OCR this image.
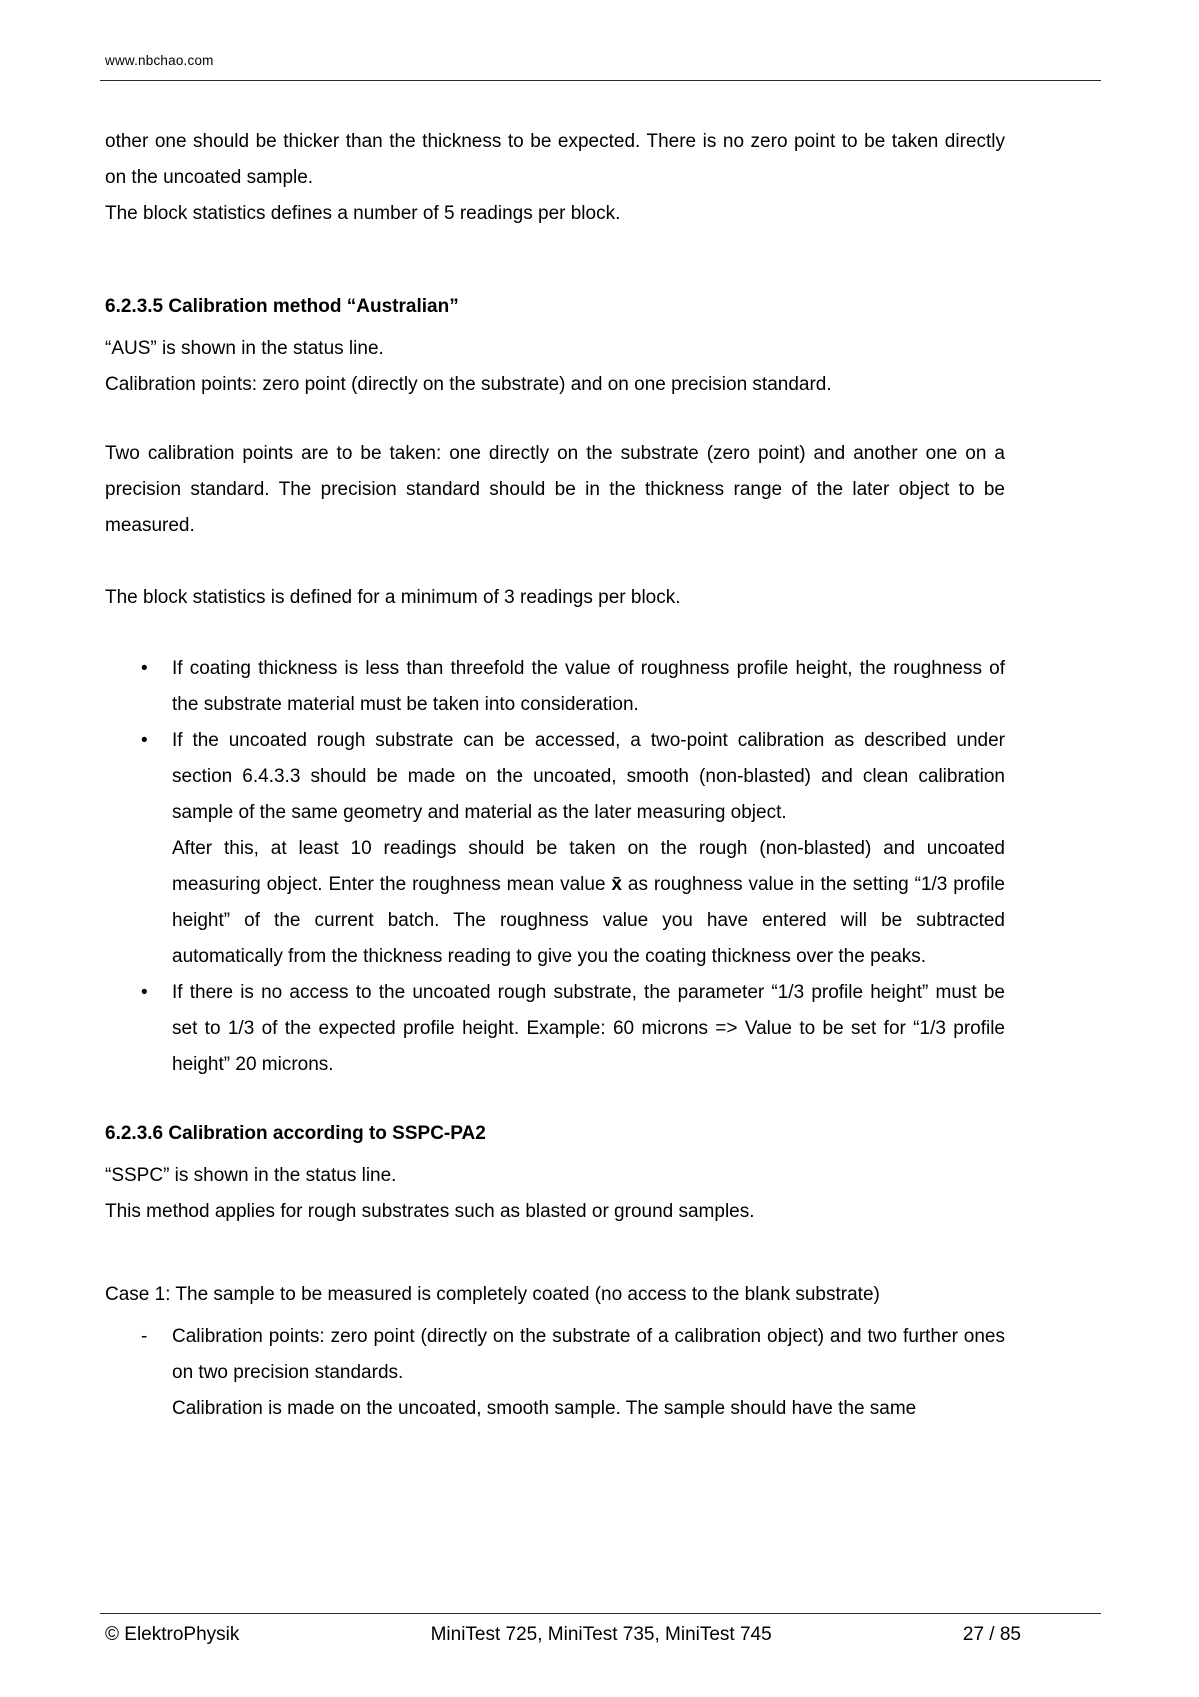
www.nbchao.com

other one should be thicker than the thickness to be expected. There is no zero point to be taken directly on the uncoated sample.

The block statistics defines a number of 5 readings per block.

6.2.3.5 Calibration method “Australian”

“AUS” is shown in the status line.

Calibration points: zero point (directly on the substrate) and on one precision standard.

Two calibration points are to be taken: one directly on the substrate (zero point) and another one on a precision standard. The precision standard should be in the thickness range of the later object to be measured.

The block statistics is defined for a minimum of 3 readings per block.

•	If coating thickness is less than threefold the value of roughness profile height, the roughness of the substrate material must be taken into consideration.

•	If the uncoated rough substrate can be accessed, a two-point calibration as described under section 6.4.3.3 should be made on the uncoated, smooth (non-blasted) and clean calibration sample of the same geometry and material as the later measuring object.

After this, at least 10 readings should be taken on the rough (non-blasted) and uncoated measuring object. Enter the roughness mean value x̄ as roughness value in the setting “1/3 profile height” of the current batch. The roughness value you have entered will be subtracted automatically from the thickness reading to give you the coating thickness over the peaks.

•	If there is no access to the uncoated rough substrate, the parameter “1/3 profile height” must be set to 1/3 of the expected profile height. Example: 60 microns => Value to be set for “1/3 profile height” 20 microns.

6.2.3.6 Calibration according to SSPC-PA2

“SSPC” is shown in the status line.

This method applies for rough substrates such as blasted or ground samples.

Case 1: The sample to be measured is completely coated (no access to the blank substrate)

-	Calibration points: zero point (directly on the substrate of a calibration object) and two further ones on two precision standards.

Calibration is made on the uncoated, smooth sample. The sample should have the same

© ElektroPhysik	MiniTest 725, MiniTest 735, MiniTest 745	27 / 85
